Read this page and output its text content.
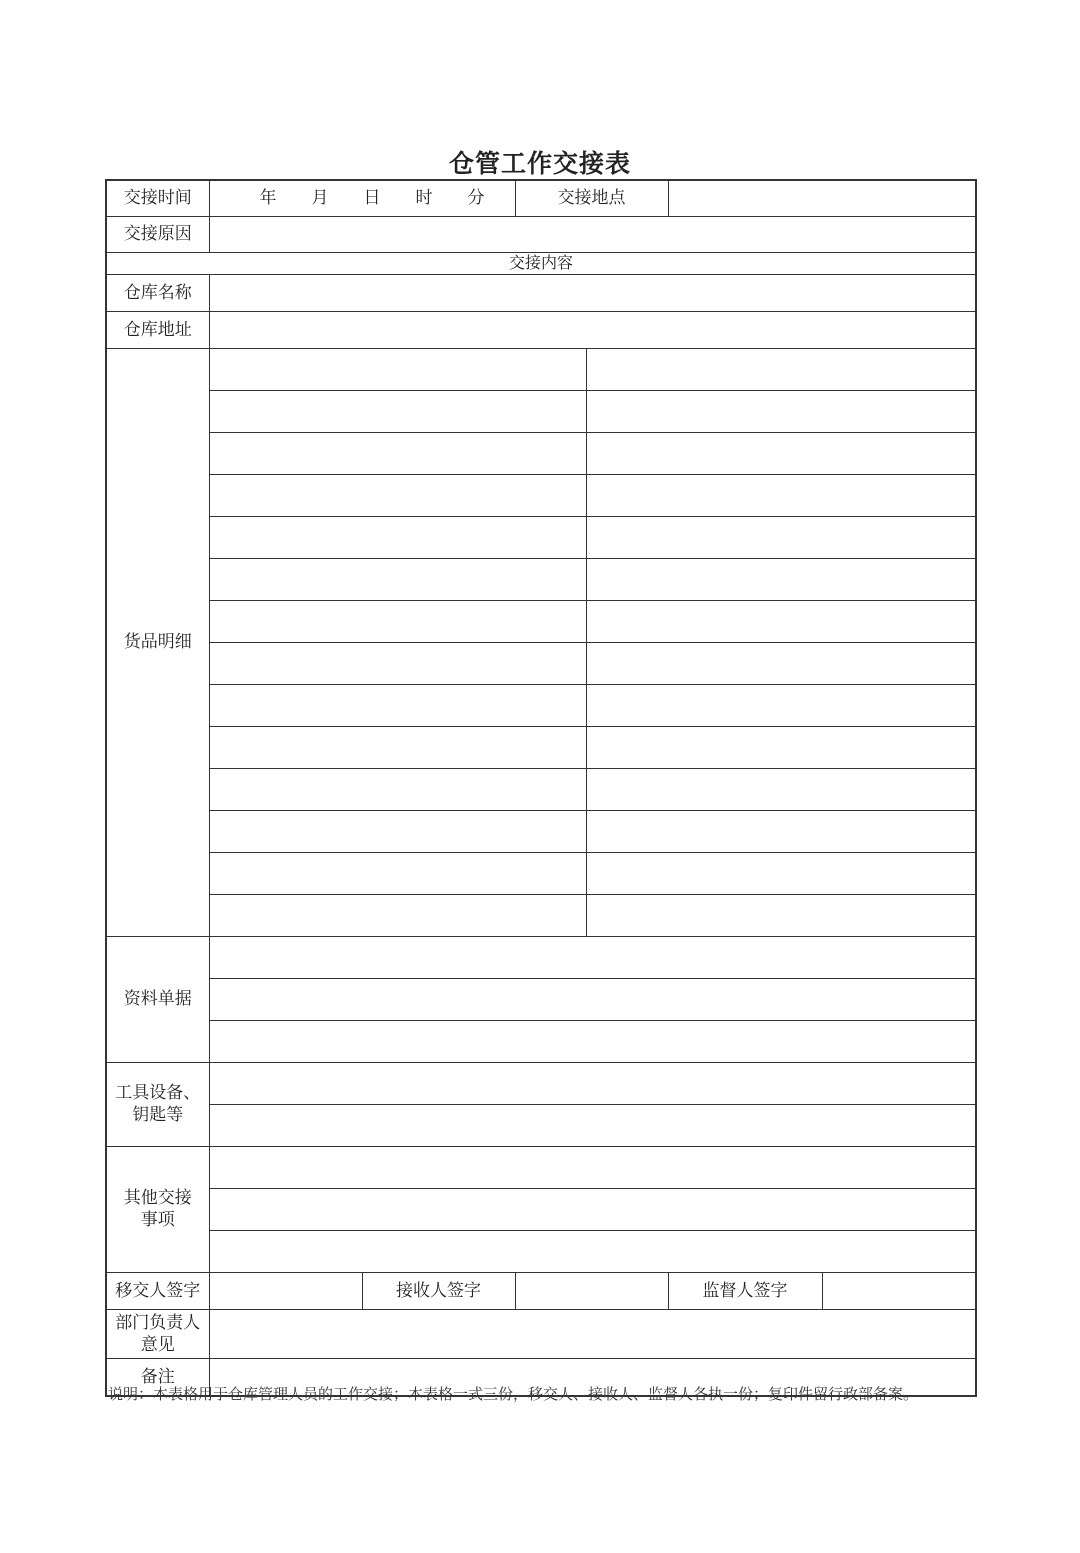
仓管工作交接表
交接时间	年 月 日 时 分		交接地点			
交接原因						
交接内容						
仓库名称						
仓库地址						
货品明细						

资料单据						

工具设备、钥匙等						

其他交接事项						

移交人签字		接收人签字			监督人签字	
部门负责人意见						
备注						
说明：本表格用于仓库管理人员的工作交接；本表格一式三份，移交人、接收人、监督人各执一份；复印件留行政部备案。
